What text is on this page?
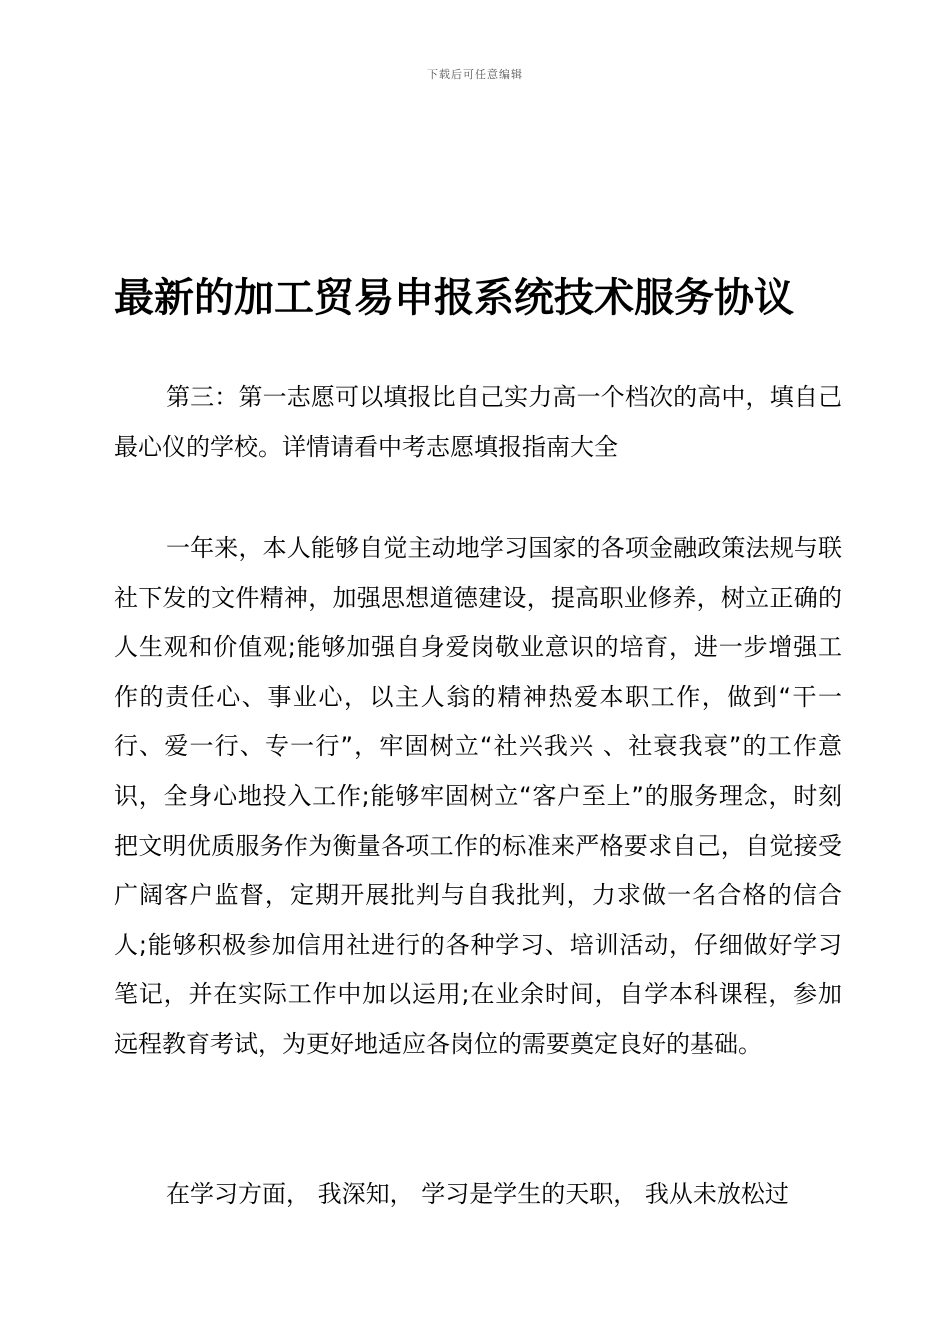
下载后可任意编辑
最新的加工贸易申报系统技术服务协议
第三：第一志愿可以填报比自己实力高一个档次的高中，填自己最心仪的学校。详情请看中考志愿填报指南大全
一年来，本人能够自觉主动地学习国家的各项金融政策法规与联社下发的文件精神，加强思想道德建设，提高职业修养，树立正确的人生观和价值观;能够加强自身爱岗敬业意识的培育，进一步增强工作的责任心、事业心，以主人翁的精神热爱本职工作，做到“干一行、爱一行、专一行”，牢固树立“社兴我兴 、社衰我衰”的工作意识，全身心地投入工作;能够牢固树立“客户至上”的服务理念，时刻把文明优质服务作为衡量各项工作的标准来严格要求自己，自觉接受广阔客户监督，定期开展批判与自我批判，力求做一名合格的信合人;能够积极参加信用社进行的各种学习、培训活动，仔细做好学习笔记，并在实际工作中加以运用;在业余时间，自学本科课程，参加远程教育考试，为更好地适应各岗位的需要奠定良好的基础。
在学习方面， 我深知， 学习是学生的天职， 我从未放松过
